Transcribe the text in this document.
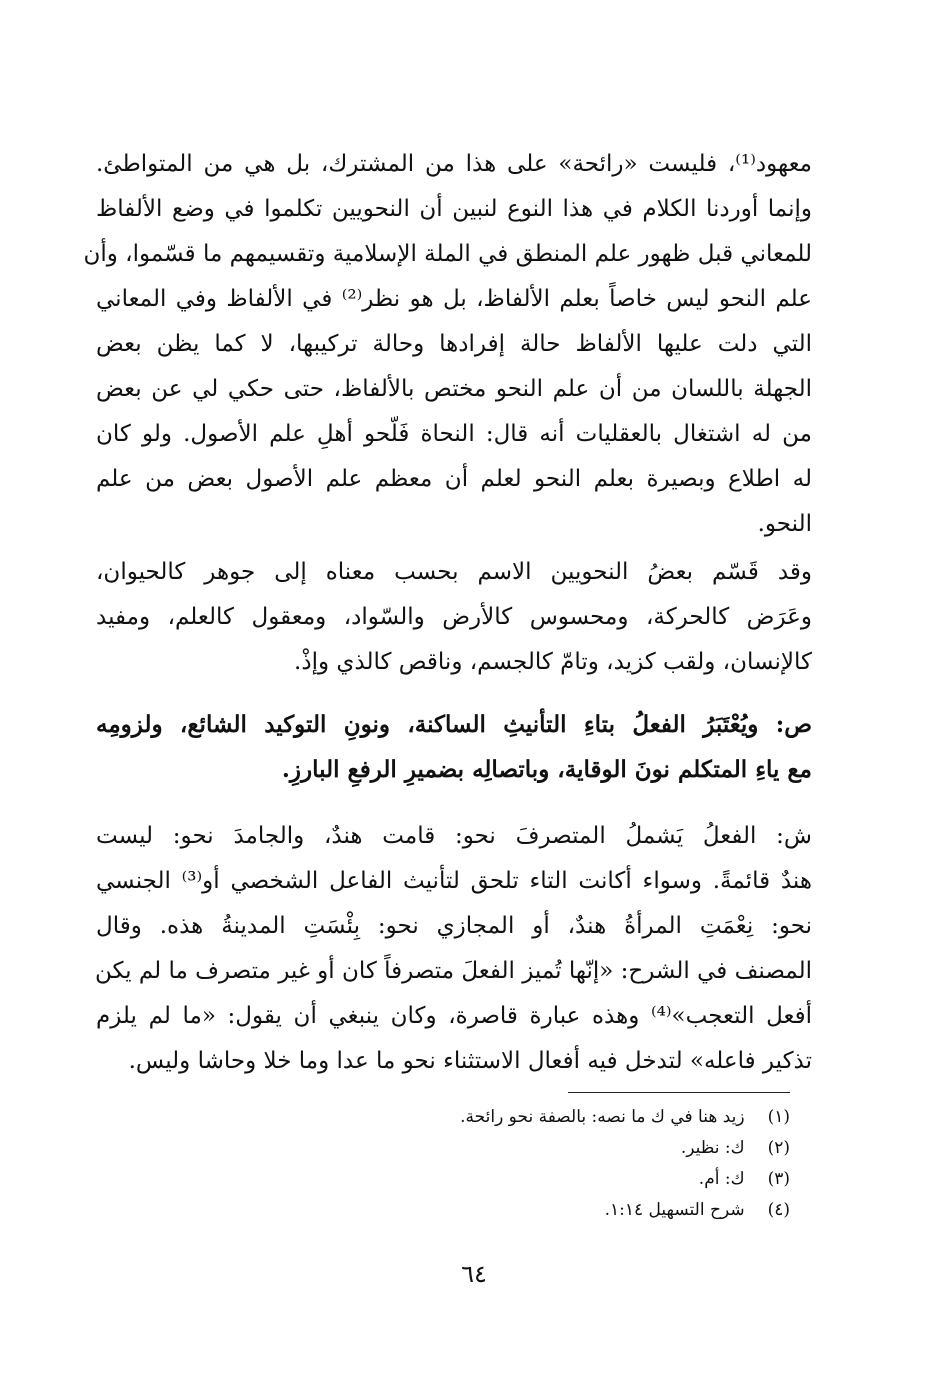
معهود⁽¹⁾، فليست «رائحة» على هذا من المشترك، بل هي من المتواطئ.
وإنما أوردنا الكلام في هذا النوع لنبين أن النحويين تكلموا في وضع الألفاظ
للمعاني قبل ظهور علم المنطق في الملة الإسلامية وتقسيمهم ما قسّموا، وأن
علم النحو ليس خاصاً بعلم الألفاظ، بل هو نظر⁽²⁾ في الألفاظ وفي المعاني
التي دلت عليها الألفاظ حالة إفرادها وحالة تركيبها، لا كما يظن بعض
الجهلة باللسان من أن علم النحو مختص بالألفاظ، حتى حكي لي عن بعض
من له اشتغال بالعقليات أنه قال: النحاة فَلّحو أهلِ علم الأصول. ولو كان
له اطلاع وبصيرة بعلم النحو لعلم أن معظم علم الأصول بعض من علم
النحو.
وقد قَسّم بعضُ النحويين الاسم بحسب معناه إلى جوهر كالحيوان،
وعَرَض كالحركة، ومحسوس كالأرض والسّواد، ومعقول كالعلم، ومفيد
كالإنسان، ولقب كزيد، وتامّ كالجسم، وناقص كالذي وإذْ.
ص: ويُعْتَبَرُ الفعلُ بتاءِ التأنيثِ الساكنة، ونونِ التوكيد الشائع، ولزومِه
مع ياءِ المتكلم نونَ الوقاية، وباتصالِه بضميرِ الرفعِ البارزِ.
ش: الفعلُ يَشملُ المتصرفَ نحو: قامت هندٌ، والجامدَ نحو: ليست
هندٌ قائمةً. وسواء أكانت التاء تلحق لتأنيث الفاعل الشخصي أو⁽³⁾ الجنسي
نحو: نِعْمَتِ المرأةُ هندٌ، أو المجازي نحو: بِئْسَتِ المدينةُ هذه. وقال
المصنف في الشرح: «إنّها تُميز الفعلَ متصرفاً كان أو غير متصرف ما لم يكن
أفعل التعجب»⁽⁴⁾ وهذه عبارة قاصرة، وكان ينبغي أن يقول: «ما لم يلزم
تذكير فاعله» لتدخل فيه أفعال الاستثناء نحو ما عدا وما خلا وحاشا وليس.
(١) زيد هنا في ك ما نصه: بالصفة نحو رائحة.
(٢) ك: نظير.
(٣) ك: أم.
(٤) شرح التسهيل ١:١٤.
٦٤
